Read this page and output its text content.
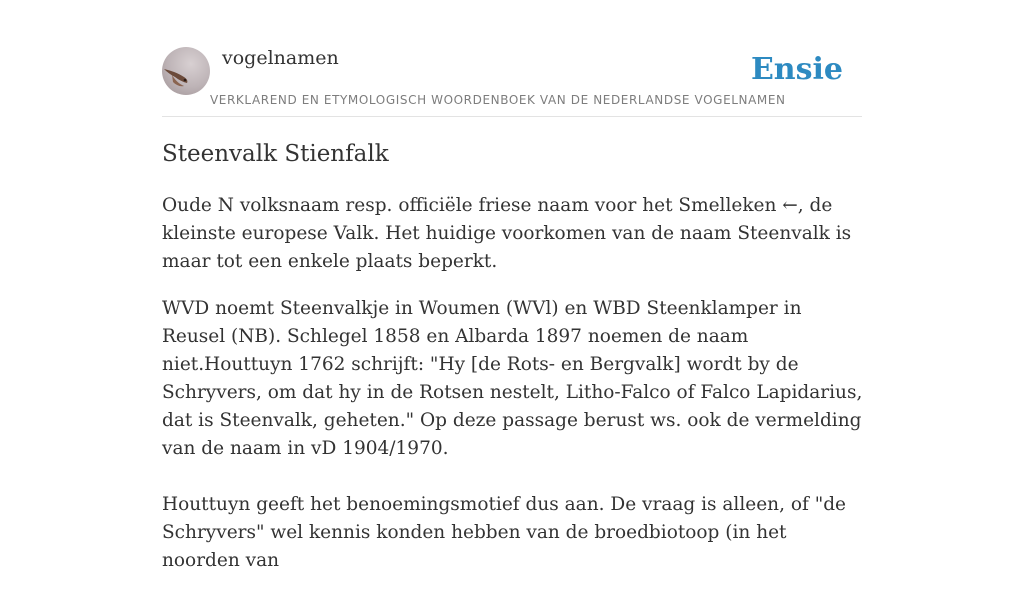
vogelnamen
VERKLAREND EN ETYMOLOGISCH WOORDENBOEK VAN DE NEDERLANDSE VOGELNAMEN
Ensie
Steenvalk Stienfalk

Oude N volksnaam resp. officiële friese naam voor het Smelleken ←, de kleinste europese Valk. Het huidige voorkomen van de naam Steenvalk is maar tot een enkele plaats beperkt.

WVD noemt Steenvalkje in Woumen (WVl) en WBD Steenklamper in Reusel (NB). Schlegel 1858 en Albarda 1897 noemen de naam niet.Houttuyn 1762 schrijft: "Hy [de Rots- en Bergvalk] wordt by de Schryvers, om dat hy in de Rotsen nestelt, Litho-Falco of Falco Lapidarius, dat is Steenvalk, geheten." Op deze passage berust ws. ook de vermelding van de naam in vD 1904/1970.

Houttuyn geeft het benoemingsmotief dus aan. De vraag is alleen, of "de Schryvers" wel kennis konden hebben van de broedbiotoop (in het noorden van
